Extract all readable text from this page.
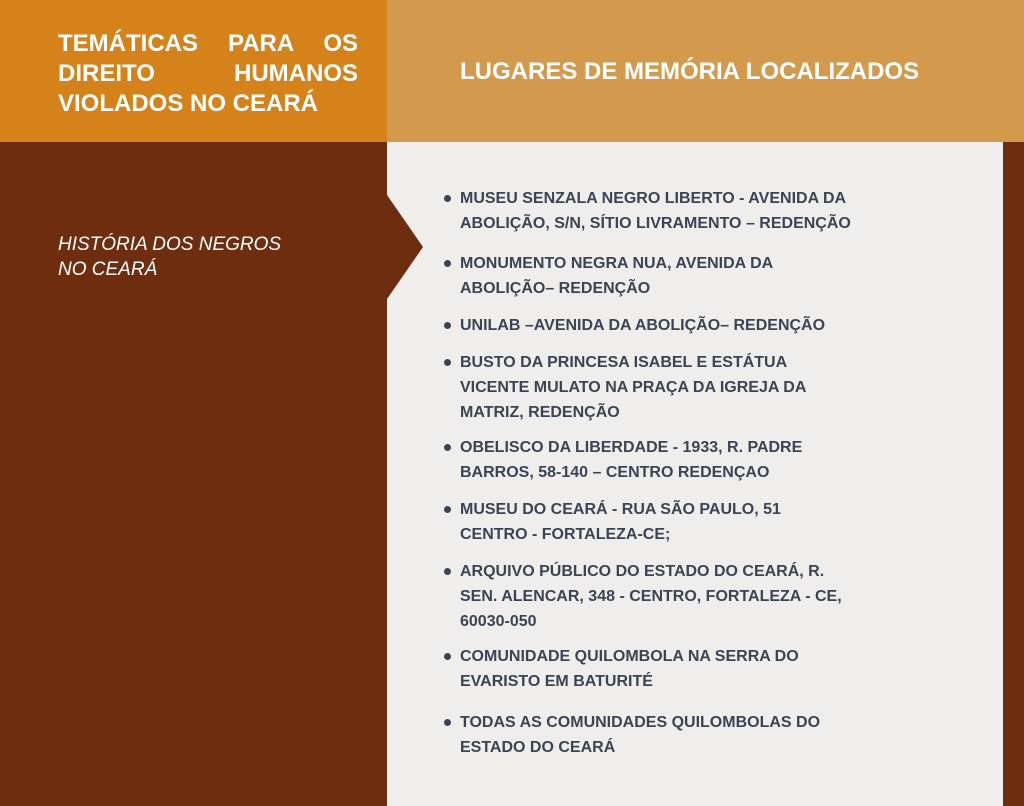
TEMÁTICAS PARA OS
DIREITO HUMANOS
VIOLADOS NO CEARÁ
LUGARES DE MEMÓRIA LOCALIZADOS

HISTÓRIA DOS NEGROS
NO CEARÁ

MUSEU SENZALA NEGRO LIBERTO - AVENIDA DA
ABOLIÇÃO, S/N, SÍTIO LIVRAMENTO – REDENÇÃO
MONUMENTO NEGRA NUA, AVENIDA DA
ABOLIÇÃO– REDENÇÃO
UNILAB –AVENIDA DA ABOLIÇÃO– REDENÇÃO
BUSTO DA PRINCESA ISABEL E ESTÁTUA
VICENTE MULATO NA PRAÇA DA IGREJA DA
MATRIZ, REDENÇÃO
OBELISCO DA LIBERDADE - 1933, R. PADRE
BARROS, 58-140 – CENTRO REDENÇAO
MUSEU DO CEARÁ - RUA SÃO PAULO, 51
CENTRO - FORTALEZA-CE;
ARQUIVO PÚBLICO DO ESTADO DO CEARÁ, R.
SEN. ALENCAR, 348 - CENTRO, FORTALEZA - CE,
60030-050
COMUNIDADE QUILOMBOLA NA SERRA DO
EVARISTO EM BATURITÉ
TODAS AS COMUNIDADES QUILOMBOLAS DO
ESTADO DO CEARÁ
